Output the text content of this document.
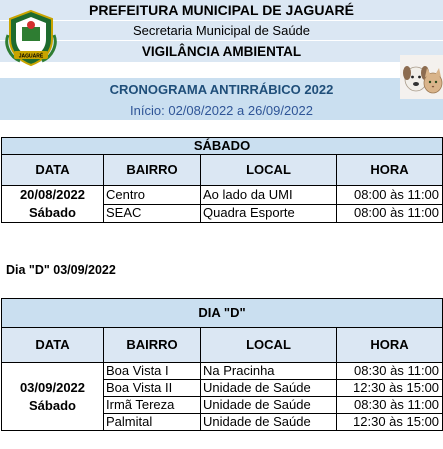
PREFEITURA MUNICIPAL DE JAGUARÉ
Secretaria Municipal de Saúde
VIGILÂNCIA AMBIENTAL
CRONOGRAMA ANTIRRÁBICO 2022
Início: 02/08/2022 a 26/09/2022
JAGUARÉ
SÁBADO			
DATA	BAIRRO	LOCAL	HORA

20/08/2022
Sábado	Centro	Ao lado da UMI	08:00 às 11:00
	SEAC	Quadra Esporte	08:00 às 11:00
Dia "D" 03/09/2022
DIA "D"			
DATA	BAIRRO	LOCAL	HORA

03/09/2022
Sábado	Boa Vista I	Na Pracinha	08:30 às 11:00
	Boa Vista II	Unidade de Saúde	12:30 às 15:00
	Irmã Tereza	Unidade de Saúde	08:30 às 11:00
	Palmital	Unidade de Saúde	12:30 às 15:00
